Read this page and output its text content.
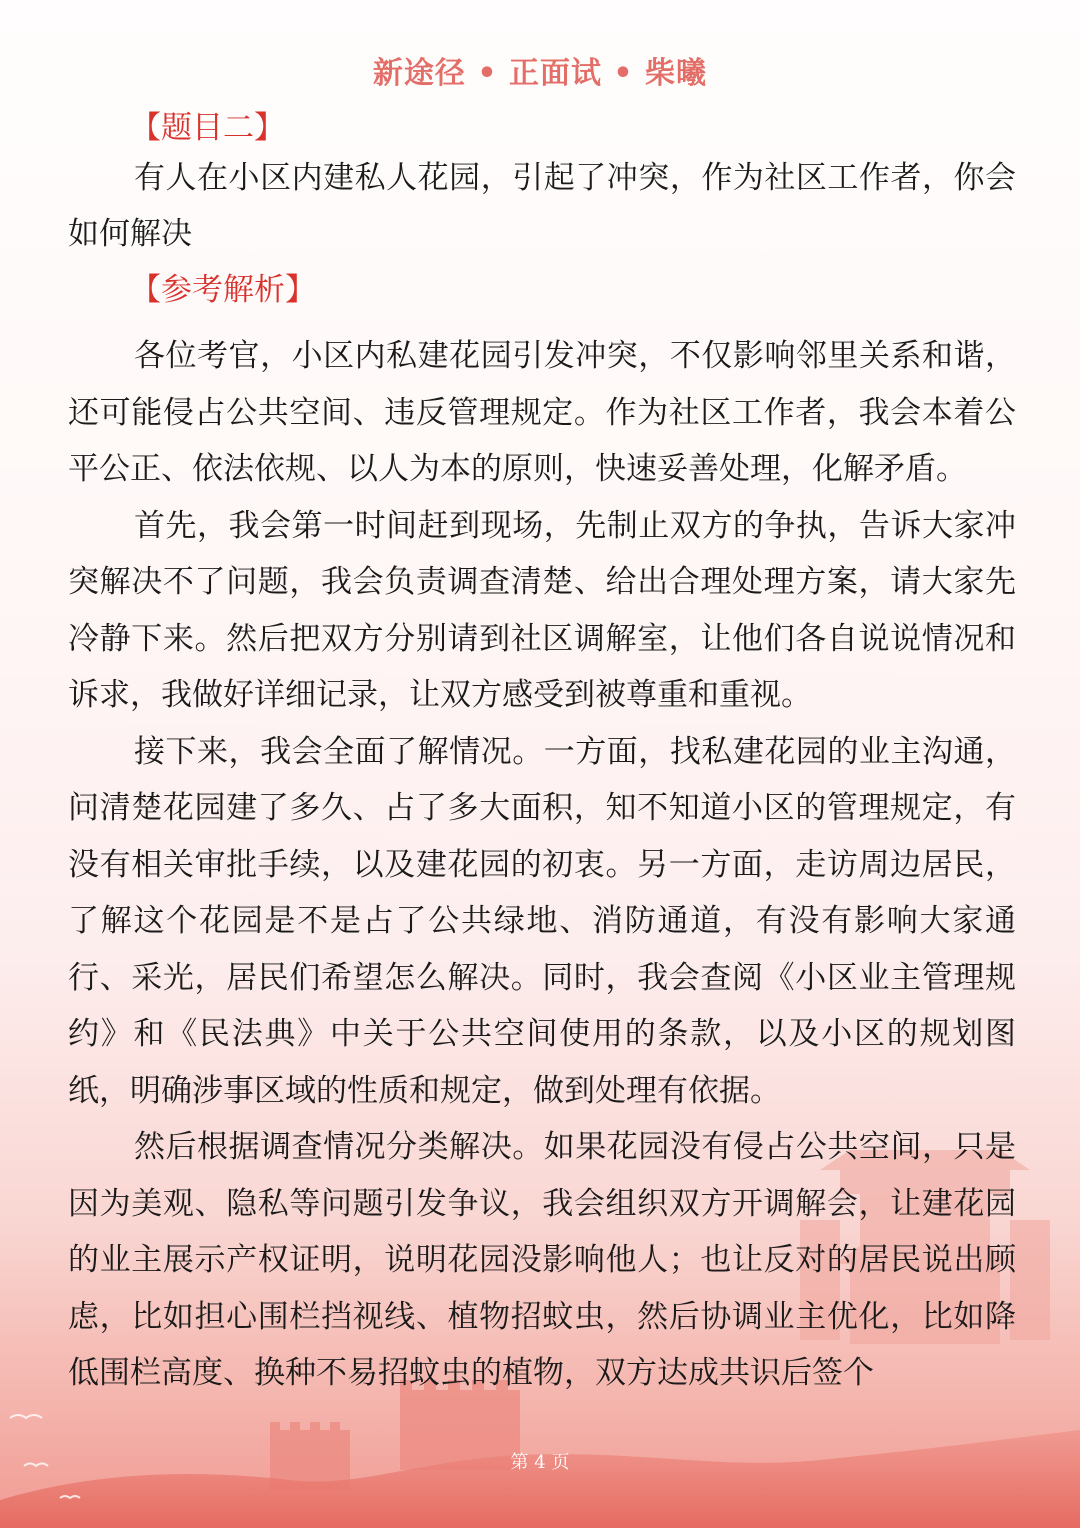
新途径 • 正面试 • 柴曦
【题目二】

有人在小区内建私人花园，引起了冲突，作为社区工作者，你会如何解决

【参考解析】

各位考官，小区内私建花园引发冲突，不仅影响邻里关系和谐，还可能侵占公共空间、违反管理规定。作为社区工作者，我会本着公平公正、依法依规、以人为本的原则，快速妥善处理，化解矛盾。

首先，我会第一时间赶到现场，先制止双方的争执，告诉大家冲突解决不了问题，我会负责调查清楚、给出合理处理方案，请大家先冷静下来。然后把双方分别请到社区调解室，让他们各自说说情况和诉求，我做好详细记录，让双方感受到被尊重和重视。

接下来，我会全面了解情况。一方面，找私建花园的业主沟通，问清楚花园建了多久、占了多大面积，知不知道小区的管理规定，有没有相关审批手续，以及建花园的初衷。另一方面，走访周边居民，了解这个花园是不是占了公共绿地、消防通道，有没有影响大家通行、采光，居民们希望怎么解决。同时，我会查阅《小区业主管理规约》和《民法典》中关于公共空间使用的条款，以及小区的规划图纸，明确涉事区域的性质和规定，做到处理有依据。

然后根据调查情况分类解决。如果花园没有侵占公共空间，只是因为美观、隐私等问题引发争议，我会组织双方开调解会，让建花园的业主展示产权证明，说明花园没影响他人；也让反对的居民说出顾虑，比如担心围栏挡视线、植物招蚊虫，然后协调业主优化，比如降低围栏高度、换种不易招蚊虫的植物，双方达成共识后签个

第 4 页
